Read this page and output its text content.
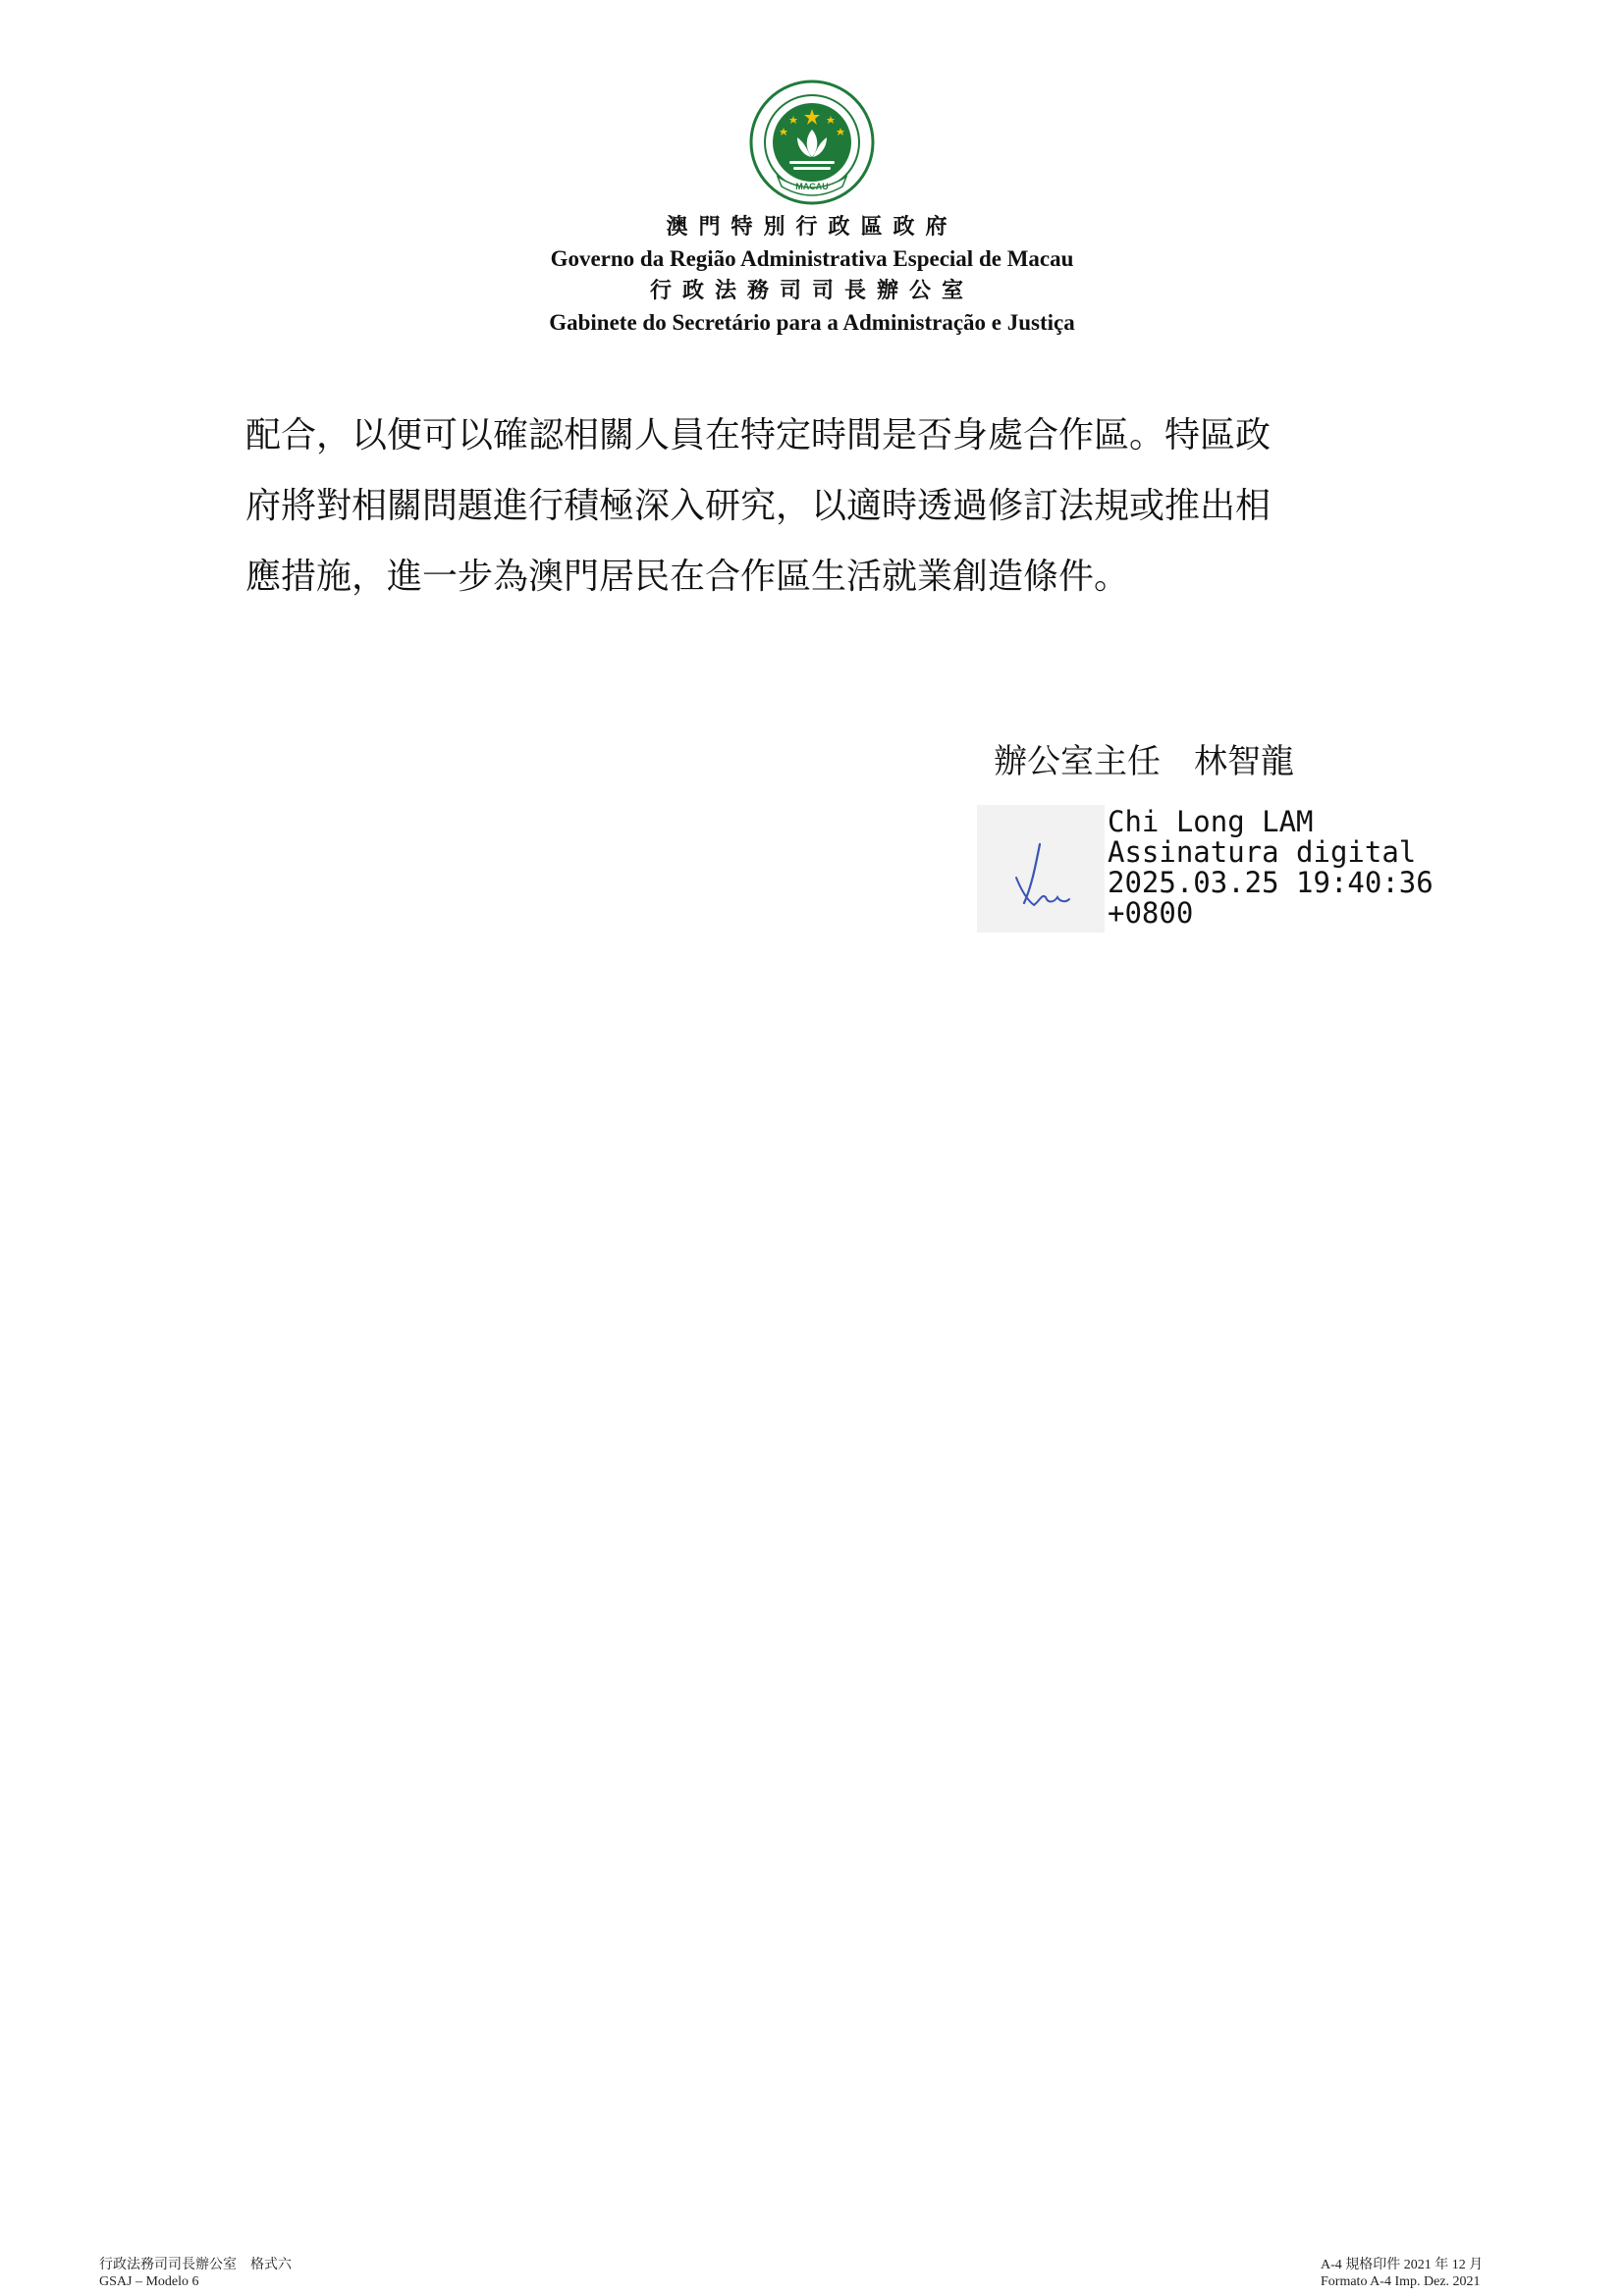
MACAU
澳門特別行政區政府
Governo da Região Administrativa Especial de Macau
行政法務司司長辦公室
Gabinete do Secretário para a Administração e Justiça

配合，以便可以確認相關人員在特定時間是否身處合作區。特區政

府將對相關問題進行積極深入研究，以適時透過修訂法規或推出相

應措施，進一步為澳門居民在合作區生活就業創造條件。

辦公室主任　林智龍
Chi Long LAM
Assinatura digital
2025.03.25 19:40:36
+0800
行政法務司司長辦公室　格式六
GSAJ – Modelo 6
A-4 規格印件 2021 年 12 月
Formato A-4 Imp. Dez. 2021
